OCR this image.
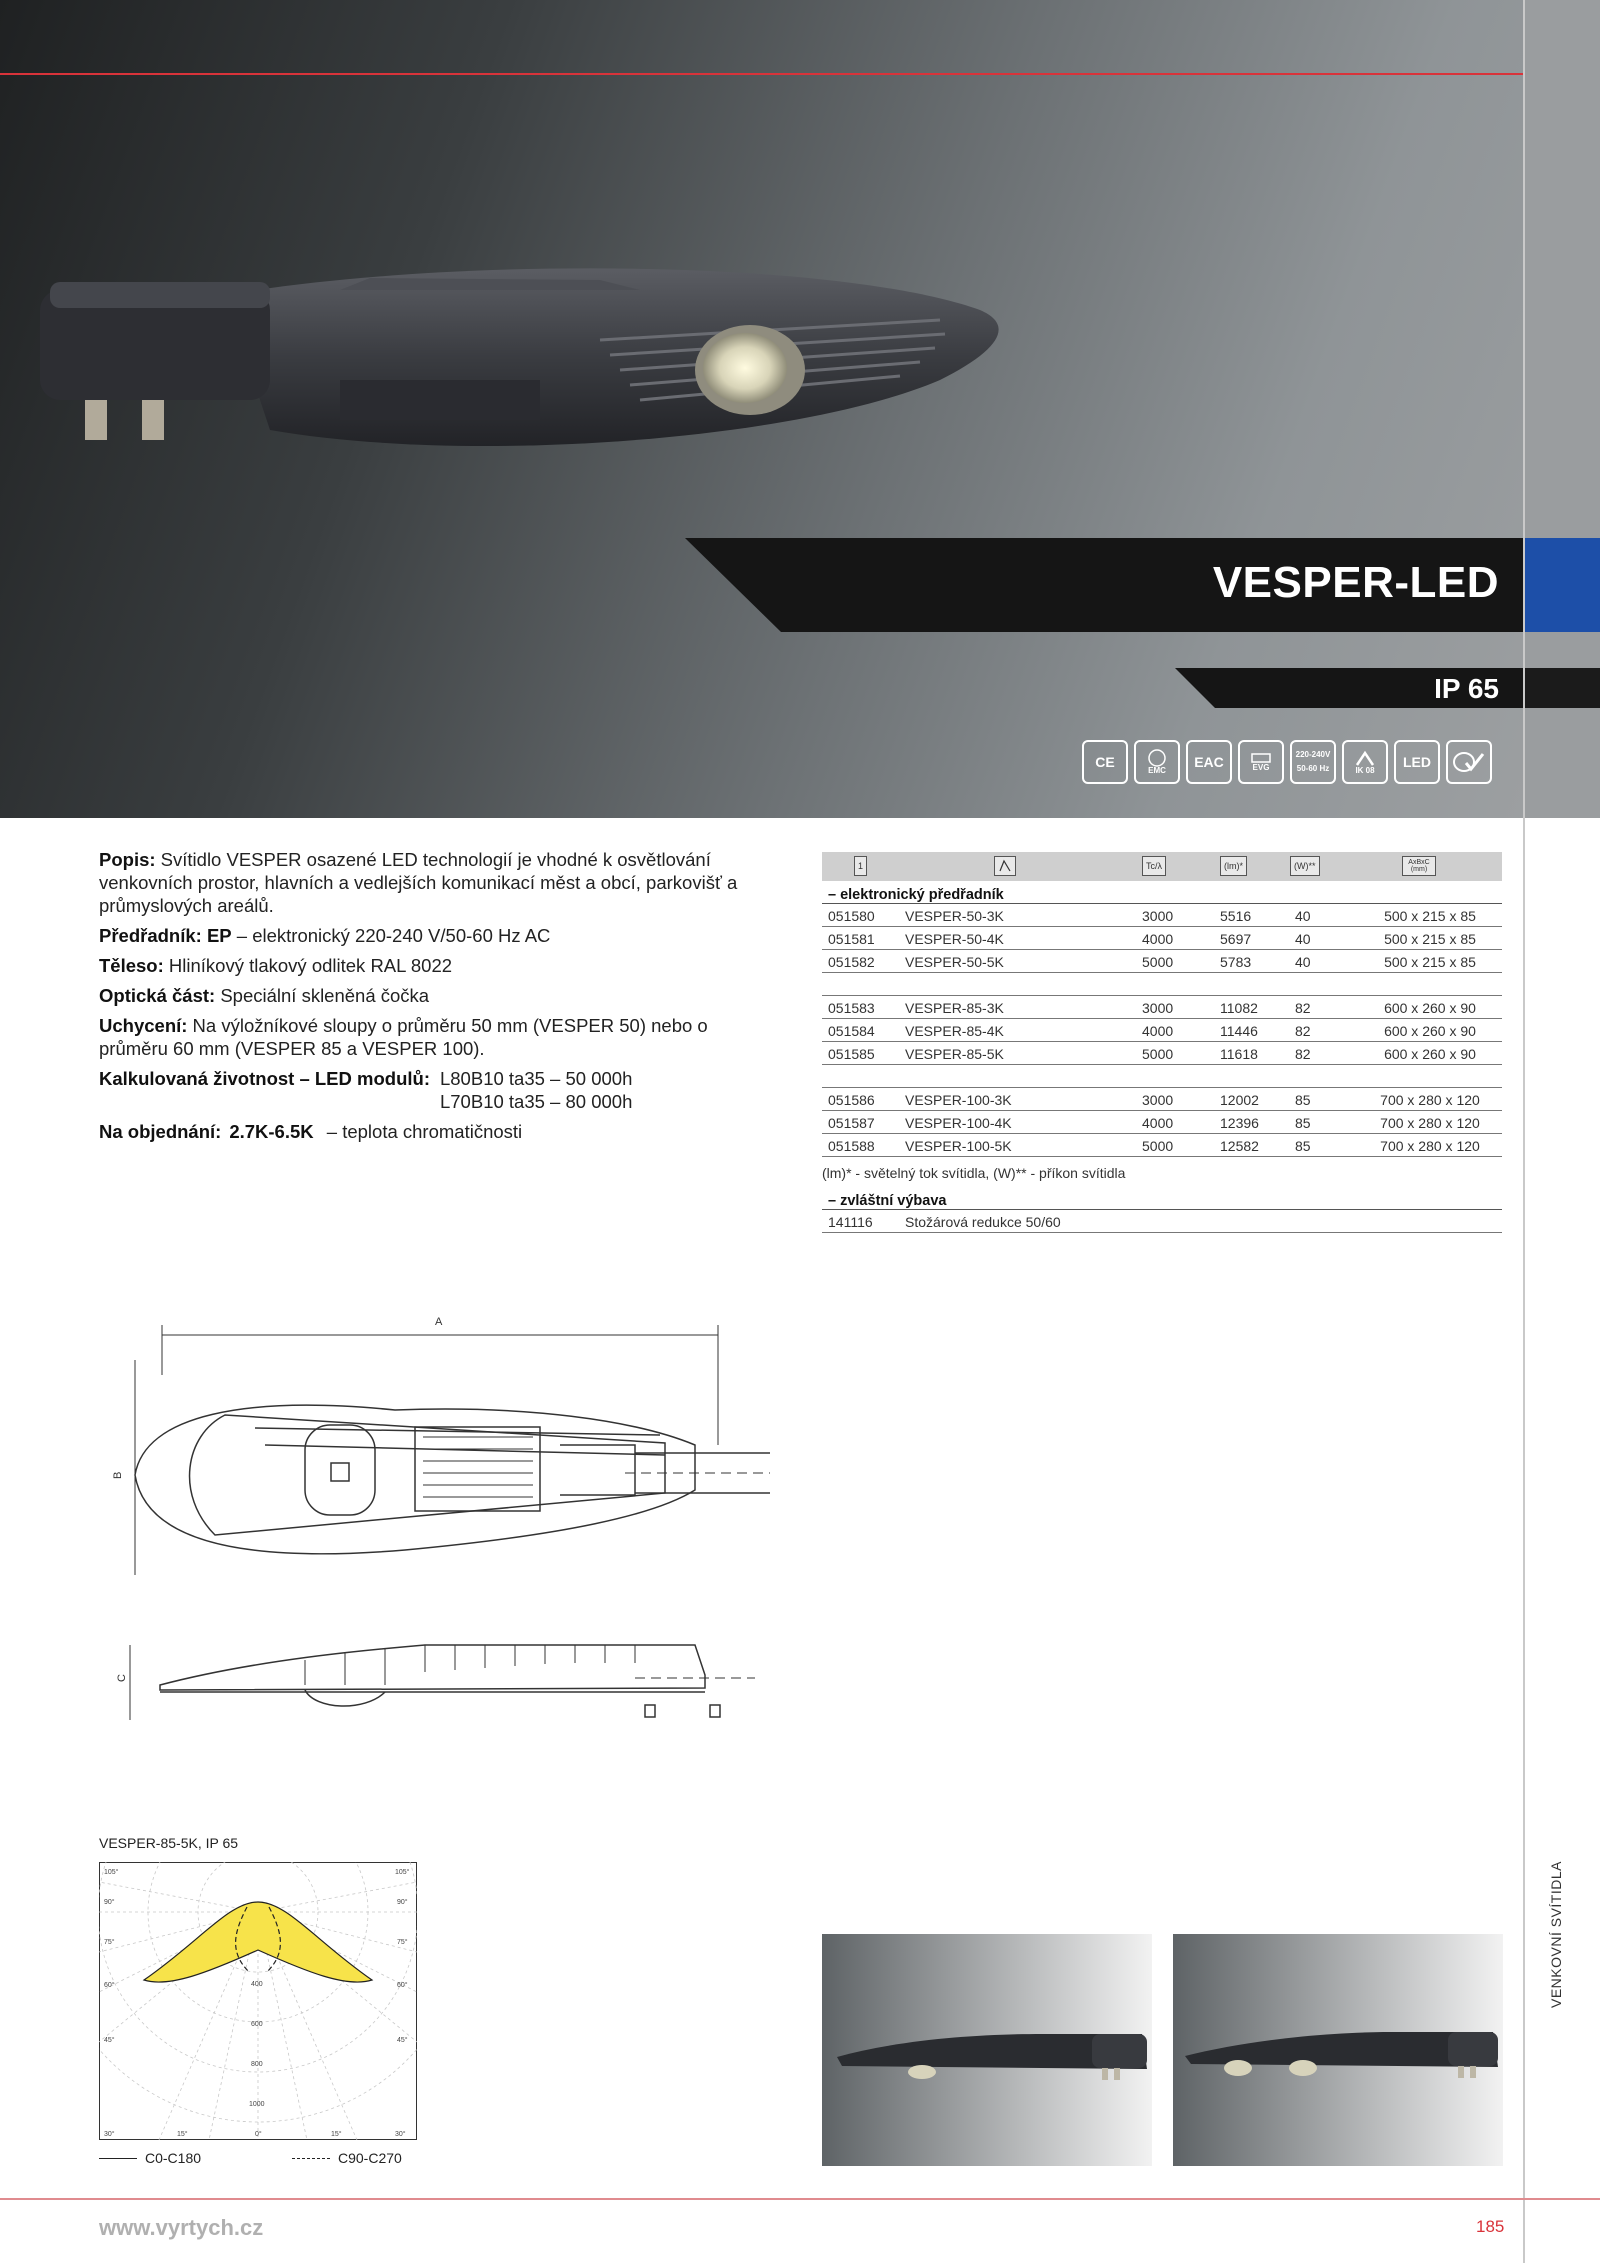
VESPER-LED
IP 65
CE
EMC
EAC	EVG
220-240V
50-60 Hz	IK 08
LED

Popis: Svítidlo VESPER osazené LED technologií je vhodné k osvětlování venkovních prostor, hlavních a vedlejších komunikací měst a obcí, parkovišť a průmyslových areálů.

Předřadník: EP – elektronický 220-240 V/50-60 Hz AC

Těleso: Hliníkový tlakový odlitek RAL 8022

Optická část: Speciální skleněná čočka

Uchycení: Na výložníkové sloupy o průměru 50 mm (VESPER 50) nebo o průměru 60 mm (VESPER 85 a VESPER 100).

Kalkulovaná životnost – LED modulů: L80B10 ta35 – 50 000h
L70B10 ta35 – 80 000h

Na objednání: 2.7K-6.5K – teplota chromatičnosti

1	Tc/λ	(lm)*	(W)**	AxBxC (mm)
– elektronický předřadník
051580 VESPER-50-3K	3000	5516	40	500 x 215 x 85
051581 VESPER-50-4K	4000	5697	40	500 x 215 x 85
051582 VESPER-50-5K	5000	5783	40	500 x 215 x 85
051583 VESPER-85-3K	3000	11082	82	600 x 260 x 90
051584 VESPER-85-4K	4000	11446	82	600 x 260 x 90
051585 VESPER-85-5K	5000	11618	82	600 x 260 x 90
051586 VESPER-100-3K	3000	12002	85	700 x 280 x 120
051587 VESPER-100-4K	4000	12396	85	700 x 280 x 120
051588 VESPER-100-5K	5000	12582	85	700 x 280 x 120
(lm)* - světelný tok svítidla, (W)** - příkon svítidla
– zvláštní výbava
141116 Stožárová redukce 50/60
A
B
C
VESPER-85-5K, IP 65
105°	105°
90°	90°
75°	75°
60°	60°
45°	45°
30°	15°	0°	15°	30°
400
600
800
1000
C0-C180	C90-C270
VENKOVNÍ SVÍTIDLA
www.vyrtych.cz	185
